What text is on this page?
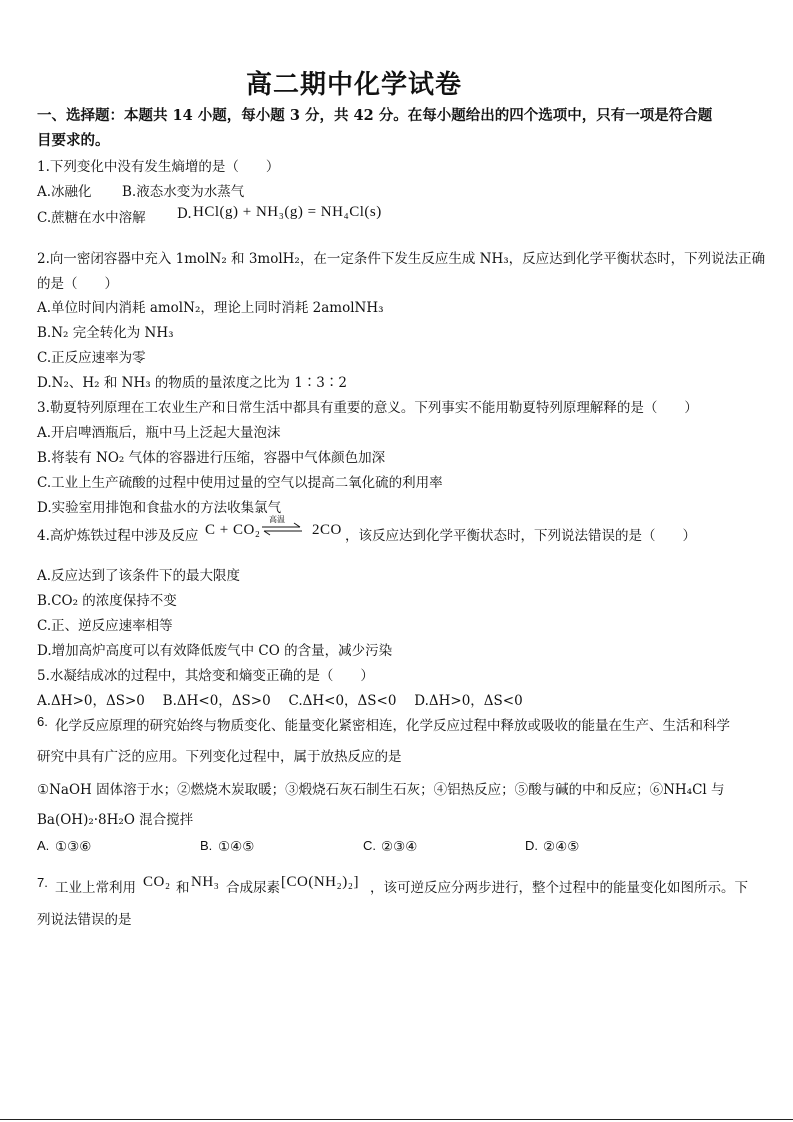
高二期中化学试卷
一、选择题：本题共 14 小题，每小题 3 分，共 42 分。在每小题给出的四个选项中，只有一项是符合题
目要求的。
1.下列变化中没有发生熵增的是（　　）
A.冰融化 B.液态水变为水蒸气
C.蔗糖在水中溶解 D. HCl(g) + NH₃(g) = NH₄Cl(s)
2.向一密闭容器中充入 1molN₂ 和 3molH₂，在一定条件下发生反应生成 NH₃，反应达到化学平衡状态时，下列说法正确
的是（　　）
A.单位时间内消耗 amolN₂，理论上同时消耗 2amolNH₃
B.N₂ 完全转化为 NH₃
C.正反应速率为零
D.N₂、H₂ 和 NH₃ 的物质的量浓度之比为 1∶3∶2
3.勒夏特列原理在工农业生产和日常生活中都具有重要的意义。下列事实不能用勒夏特列原理解释的是（　　）
A.开启啤酒瓶后，瓶中马上泛起大量泡沫
B.将装有 NO₂ 气体的容器进行压缩，容器中气体颜色加深
C.工业上生产硫酸的过程中使用过量的空气以提高二氧化硫的利用率
D.实验室用排饱和食盐水的方法收集氯气
4.高炉炼铁过程中涉及反应 C + CO₂
高温
2CO ，该反应达到化学平衡状态时，下列说法错误的是（　　）
A.反应达到了该条件下的最大限度
B.CO₂ 的浓度保持不变
C.正、逆反应速率相等
D.增加高炉高度可以有效降低废气中 CO 的含量，减少污染
5.水凝结成冰的过程中，其焓变和熵变正确的是（　　）
A.ΔH>0，ΔS>0　 B.ΔH<0，ΔS>0　 C.ΔH<0，ΔS<0　 D.ΔH>0，ΔS<0
6. 化学反应原理的研究始终与物质变化、能量变化紧密相连，化学反应过程中释放或吸收的能量在生产、生活和科学
研究中具有广泛的应用。下列变化过程中，属于放热反应的是
①NaOH 固体溶于水；②燃烧木炭取暖；③煅烧石灰石制生石灰；④铝热反应；⑤酸与碱的中和反应；⑥NH₄Cl 与
Ba(OH)₂·8H₂O 混合搅拌
A. ①③⑥	B. ①④⑤	C. ②③④	D. ②④⑤
7. 工业上常利用 CO₂ 和 NH₃ 合成尿素 [CO(NH₂)₂] ，该可逆反应分两步进行，整个过程中的能量变化如图所示。下
列说法错误的是
